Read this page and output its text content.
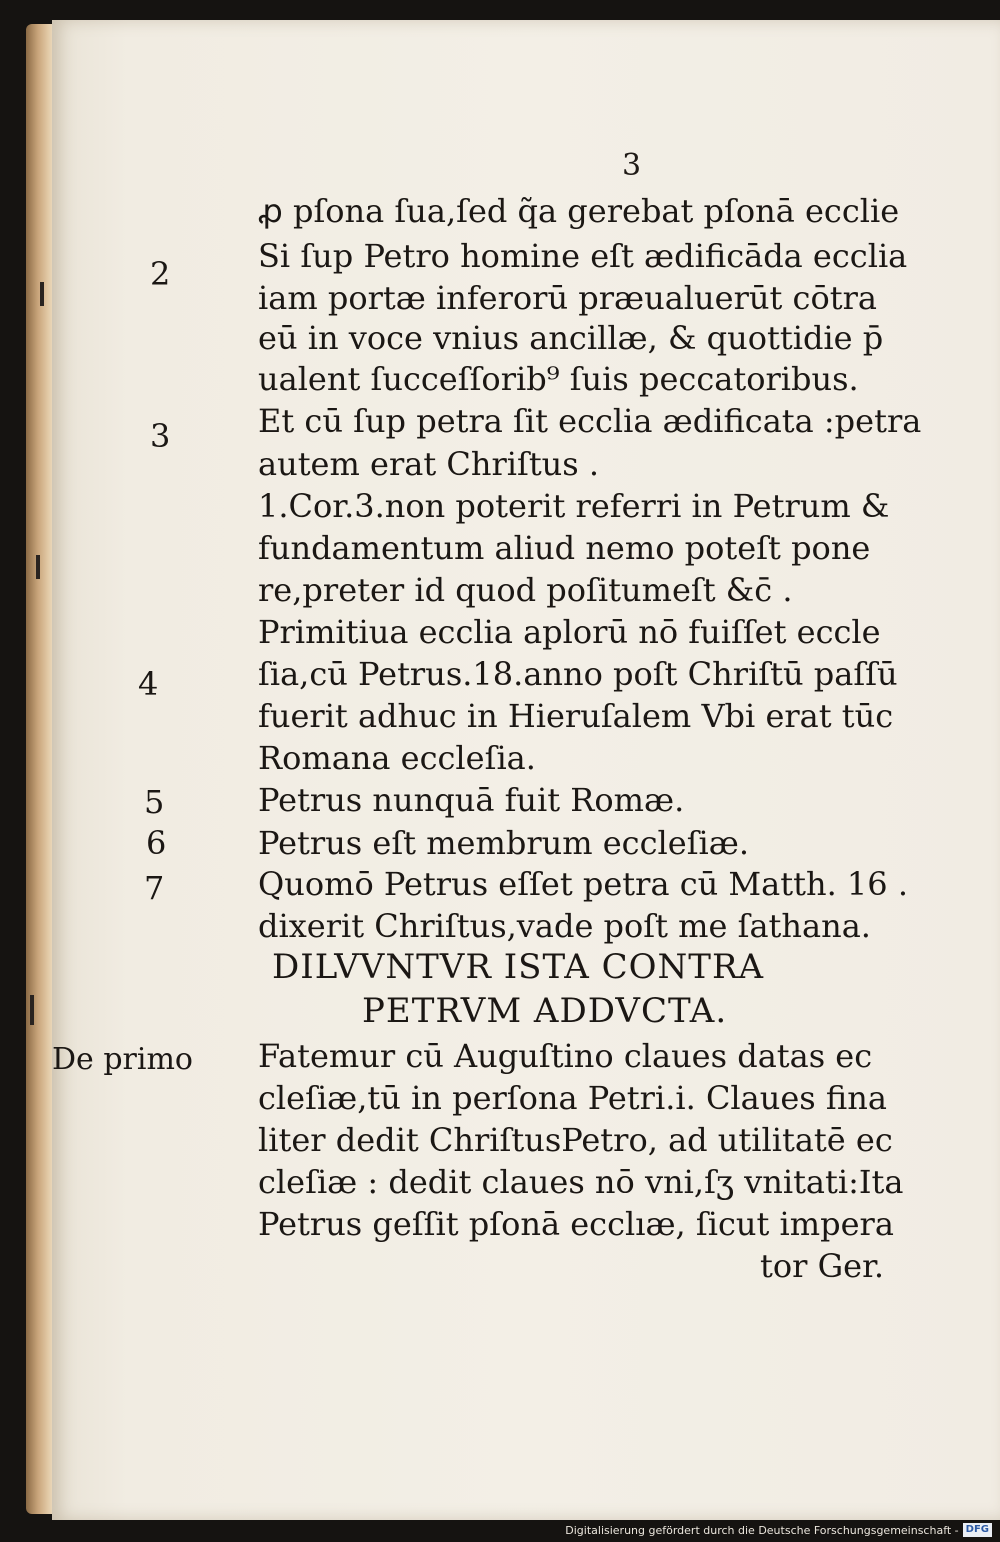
3
ꝓ pſona ſua,ſed q̃a gerebat pſonā ecclie
Si ſup Petro homine eſt ædificāda ecclia
iam portæ inferorū præualuerūt cōtra
eū in voce vnius ancillæ, & quottidie p̄
ualent ſucceſſorib⁹ ſuis peccatoribus.
Et cū ſup petra ſit ecclia ædificata :petra
autem erat Chriſtus .
1.Cor.3.non poterit referri in Petrum &
fundamentum aliud nemo poteſt pone
re,preter id quod poſitumeſt &c̄ .
Primitiua ecclia aplorū nō fuiſſet eccle
ſia,cū Petrus.18.anno poſt Chriſtū paſſū
fuerit adhuc in Hieruſalem Vbi erat tūc
Romana eccleſia.
Petrus nunquā fuit Romæ.
Petrus eſt membrum eccleſiæ.
Quomō Petrus eſſet petra cū Matth. 16 .
dixerit Chriſtus,vade poſt me ſathana.
DILVVNTVR ISTA CONTRA
PETRVM ADDVCTA.
De primo Fatemur cū Auguſtino claues datas ec
cleſiæ,tū in perſona Petri.i. Claues fina
liter dedit ChriſtusPetro, ad utilitatē ec
cleſiæ : dedit claues nō vni,ſʒ vnitati:Ita
Petrus geſſit pſonā ecclıæ, ſicut impera
tor Ger.
2
3
4
5
6
7
Digitalisierung gefördert durch die Deutsche Forschungsgemeinschaft - DFG
